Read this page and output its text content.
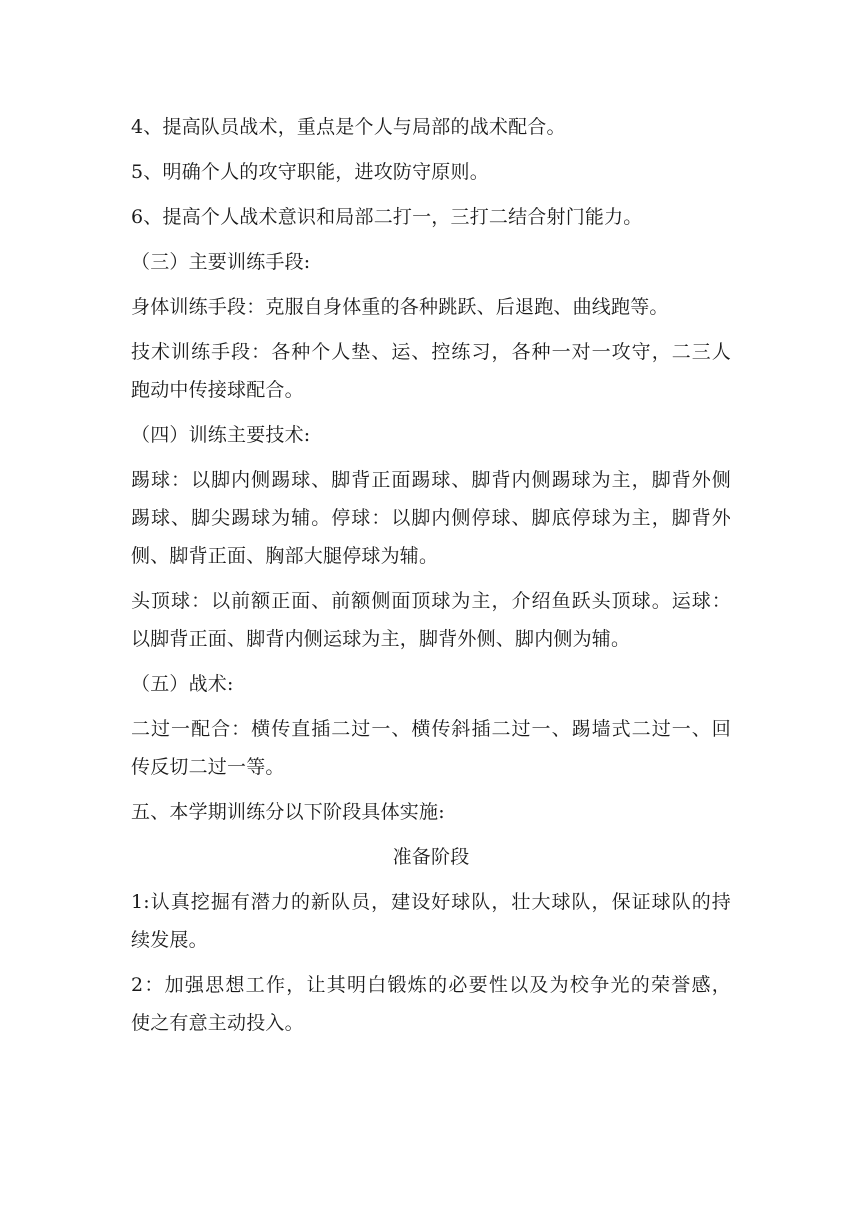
4、提高队员战术，重点是个人与局部的战术配合。
5、明确个人的攻守职能，进攻防守原则。
6、提高个人战术意识和局部二打一，三打二结合射门能力。
（三）主要训练手段:
身体训练手段：克服自身体重的各种跳跃、后退跑、曲线跑等。
技术训练手段：各种个人垫、运、控练习，各种一对一攻守，二三人
跑动中传接球配合。
（四）训练主要技术:
踢球：以脚内侧踢球、脚背正面踢球、脚背内侧踢球为主，脚背外侧
踢球、脚尖踢球为辅。停球：以脚内侧停球、脚底停球为主，脚背外
侧、脚背正面、胸部大腿停球为辅。
头顶球：以前额正面、前额侧面顶球为主，介绍鱼跃头顶球。运球：
以脚背正面、脚背内侧运球为主，脚背外侧、脚内侧为辅。
（五）战术:
二过一配合：横传直插二过一、横传斜插二过一、踢墙式二过一、回
传反切二过一等。
五、本学期训练分以下阶段具体实施:
准备阶段
1:认真挖掘有潜力的新队员，建设好球队，壮大球队，保证球队的持
续发展。
2：加强思想工作，让其明白锻炼的必要性以及为校争光的荣誉感，
使之有意主动投入。
